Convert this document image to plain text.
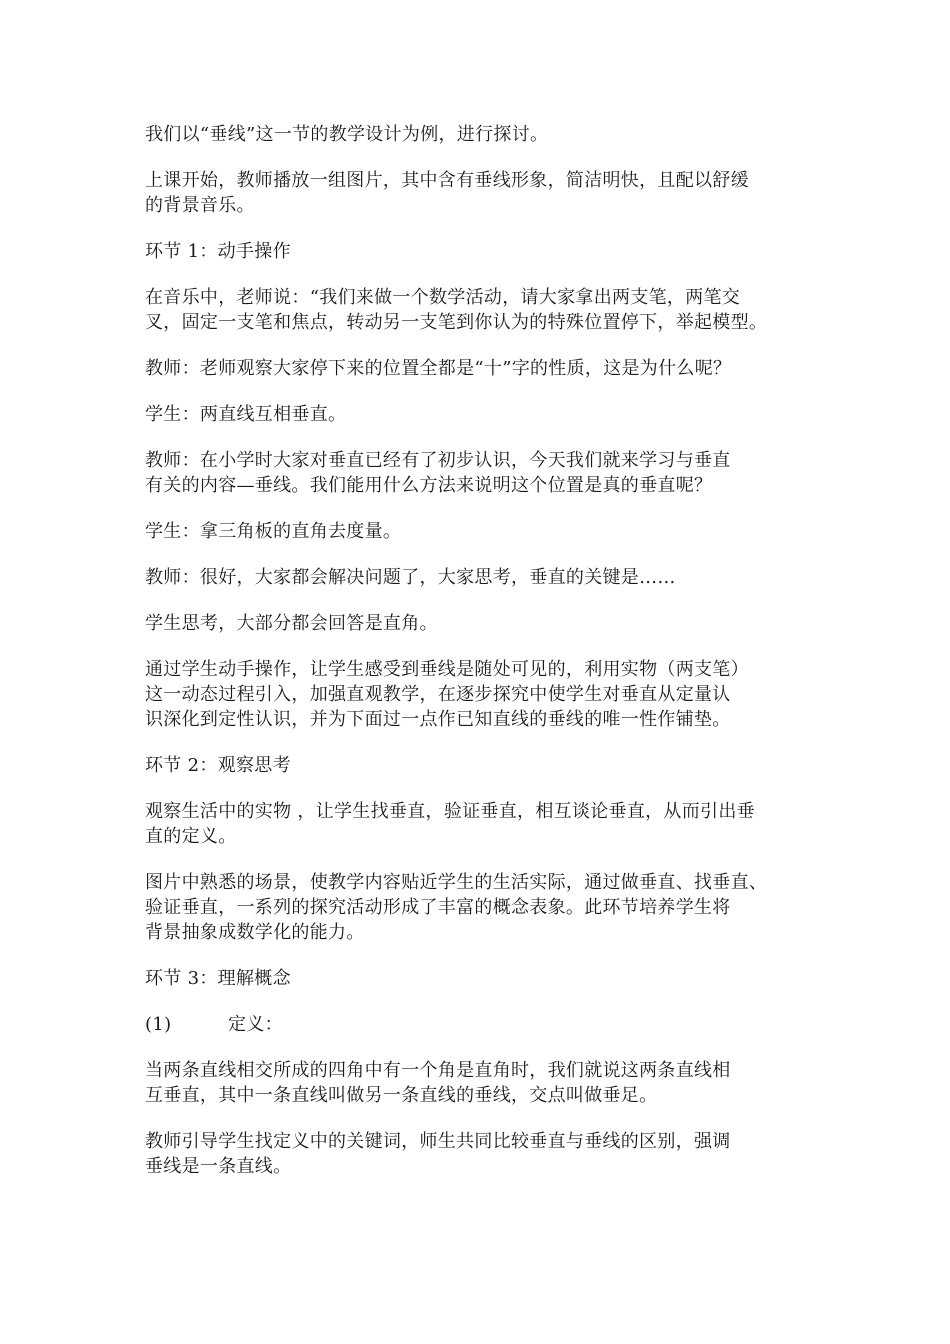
我们以“垂线”这一节的教学设计为例，进行探讨。

上课开始，教师播放一组图片，其中含有垂线形象，简洁明快，且配以舒缓
的背景音乐。

环节 1：动手操作

在音乐中，老师说：“我们来做一个数学活动，请大家拿出两支笔，两笔交
叉，固定一支笔和焦点，转动另一支笔到你认为的特殊位置停下，举起模型。

教师：老师观察大家停下来的位置全都是“十”字的性质，这是为什么呢？

学生：两直线互相垂直。

教师：在小学时大家对垂直已经有了初步认识，今天我们就来学习与垂直
有关的内容—垂线。我们能用什么方法来说明这个位置是真的垂直呢？

学生：拿三角板的直角去度量。

教师：很好，大家都会解决问题了，大家思考，垂直的关键是……

学生思考，大部分都会回答是直角。

通过学生动手操作，让学生感受到垂线是随处可见的，利用实物（两支笔）
这一动态过程引入，加强直观教学，在逐步探究中使学生对垂直从定量认
识深化到定性认识，并为下面过一点作已知直线的垂线的唯一性作铺垫。

环节 2：观察思考

观察生活中的实物 ，让学生找垂直，验证垂直，相互谈论垂直，从而引出垂
直的定义。

图片中熟悉的场景，使教学内容贴近学生的生活实际，通过做垂直、找垂直、
验证垂直，一系列的探究活动形成了丰富的概念表象。此环节培养学生将
背景抽象成数学化的能力。

环节 3：理解概念

(1)	定义：

当两条直线相交所成的四角中有一个角是直角时，我们就说这两条直线相
互垂直，其中一条直线叫做另一条直线的垂线，交点叫做垂足。

教师引导学生找定义中的关键词，师生共同比较垂直与垂线的区别，强调
垂线是一条直线。
